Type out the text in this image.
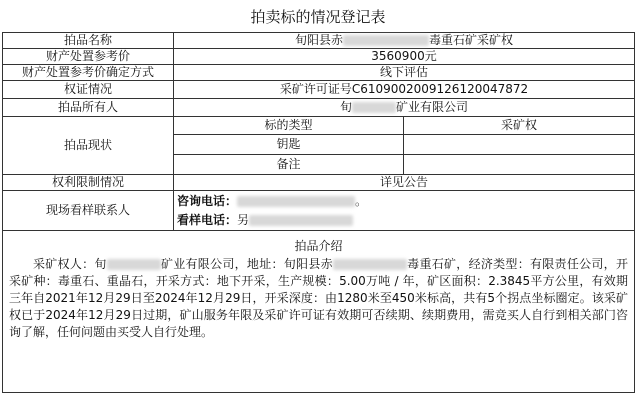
拍卖标的情况登记表
拍品名称	旬阳县赤 毒重石矿采矿权	
财产处置参考价	3560900元	
财产处置参考价确定方式	线下评估	
权证情况	采矿许可证号C6109002009126120047872	
拍品所有人	旬 矿业有限公司	
拍品现状	标的类型	采矿权
	钥匙	
	备注	
权利限制情况	详见公告	
现场看样联系人	咨询电话： 。
看样电话：另	

拍品介绍
采矿权人：旬 矿业有限公司，地址：旬阳县赤 毒重石矿，经济类型：有限责任公司，开采矿种：毒重石、重晶石，开采方式：地下开采，生产规模：5.00万吨 / 年，矿区面积：2.3845平方公里，有效期三年自2021年12月29日至2024年12月29日，开采深度：由1280米至450米标高，共有5个拐点坐标圈定。该采矿权已于2024年12月29日过期，矿山服务年限及采矿许可证有效期可否续期、续期费用，需竞买人自行到相关部门咨询了解，任何问题由买受人自行处理。		
